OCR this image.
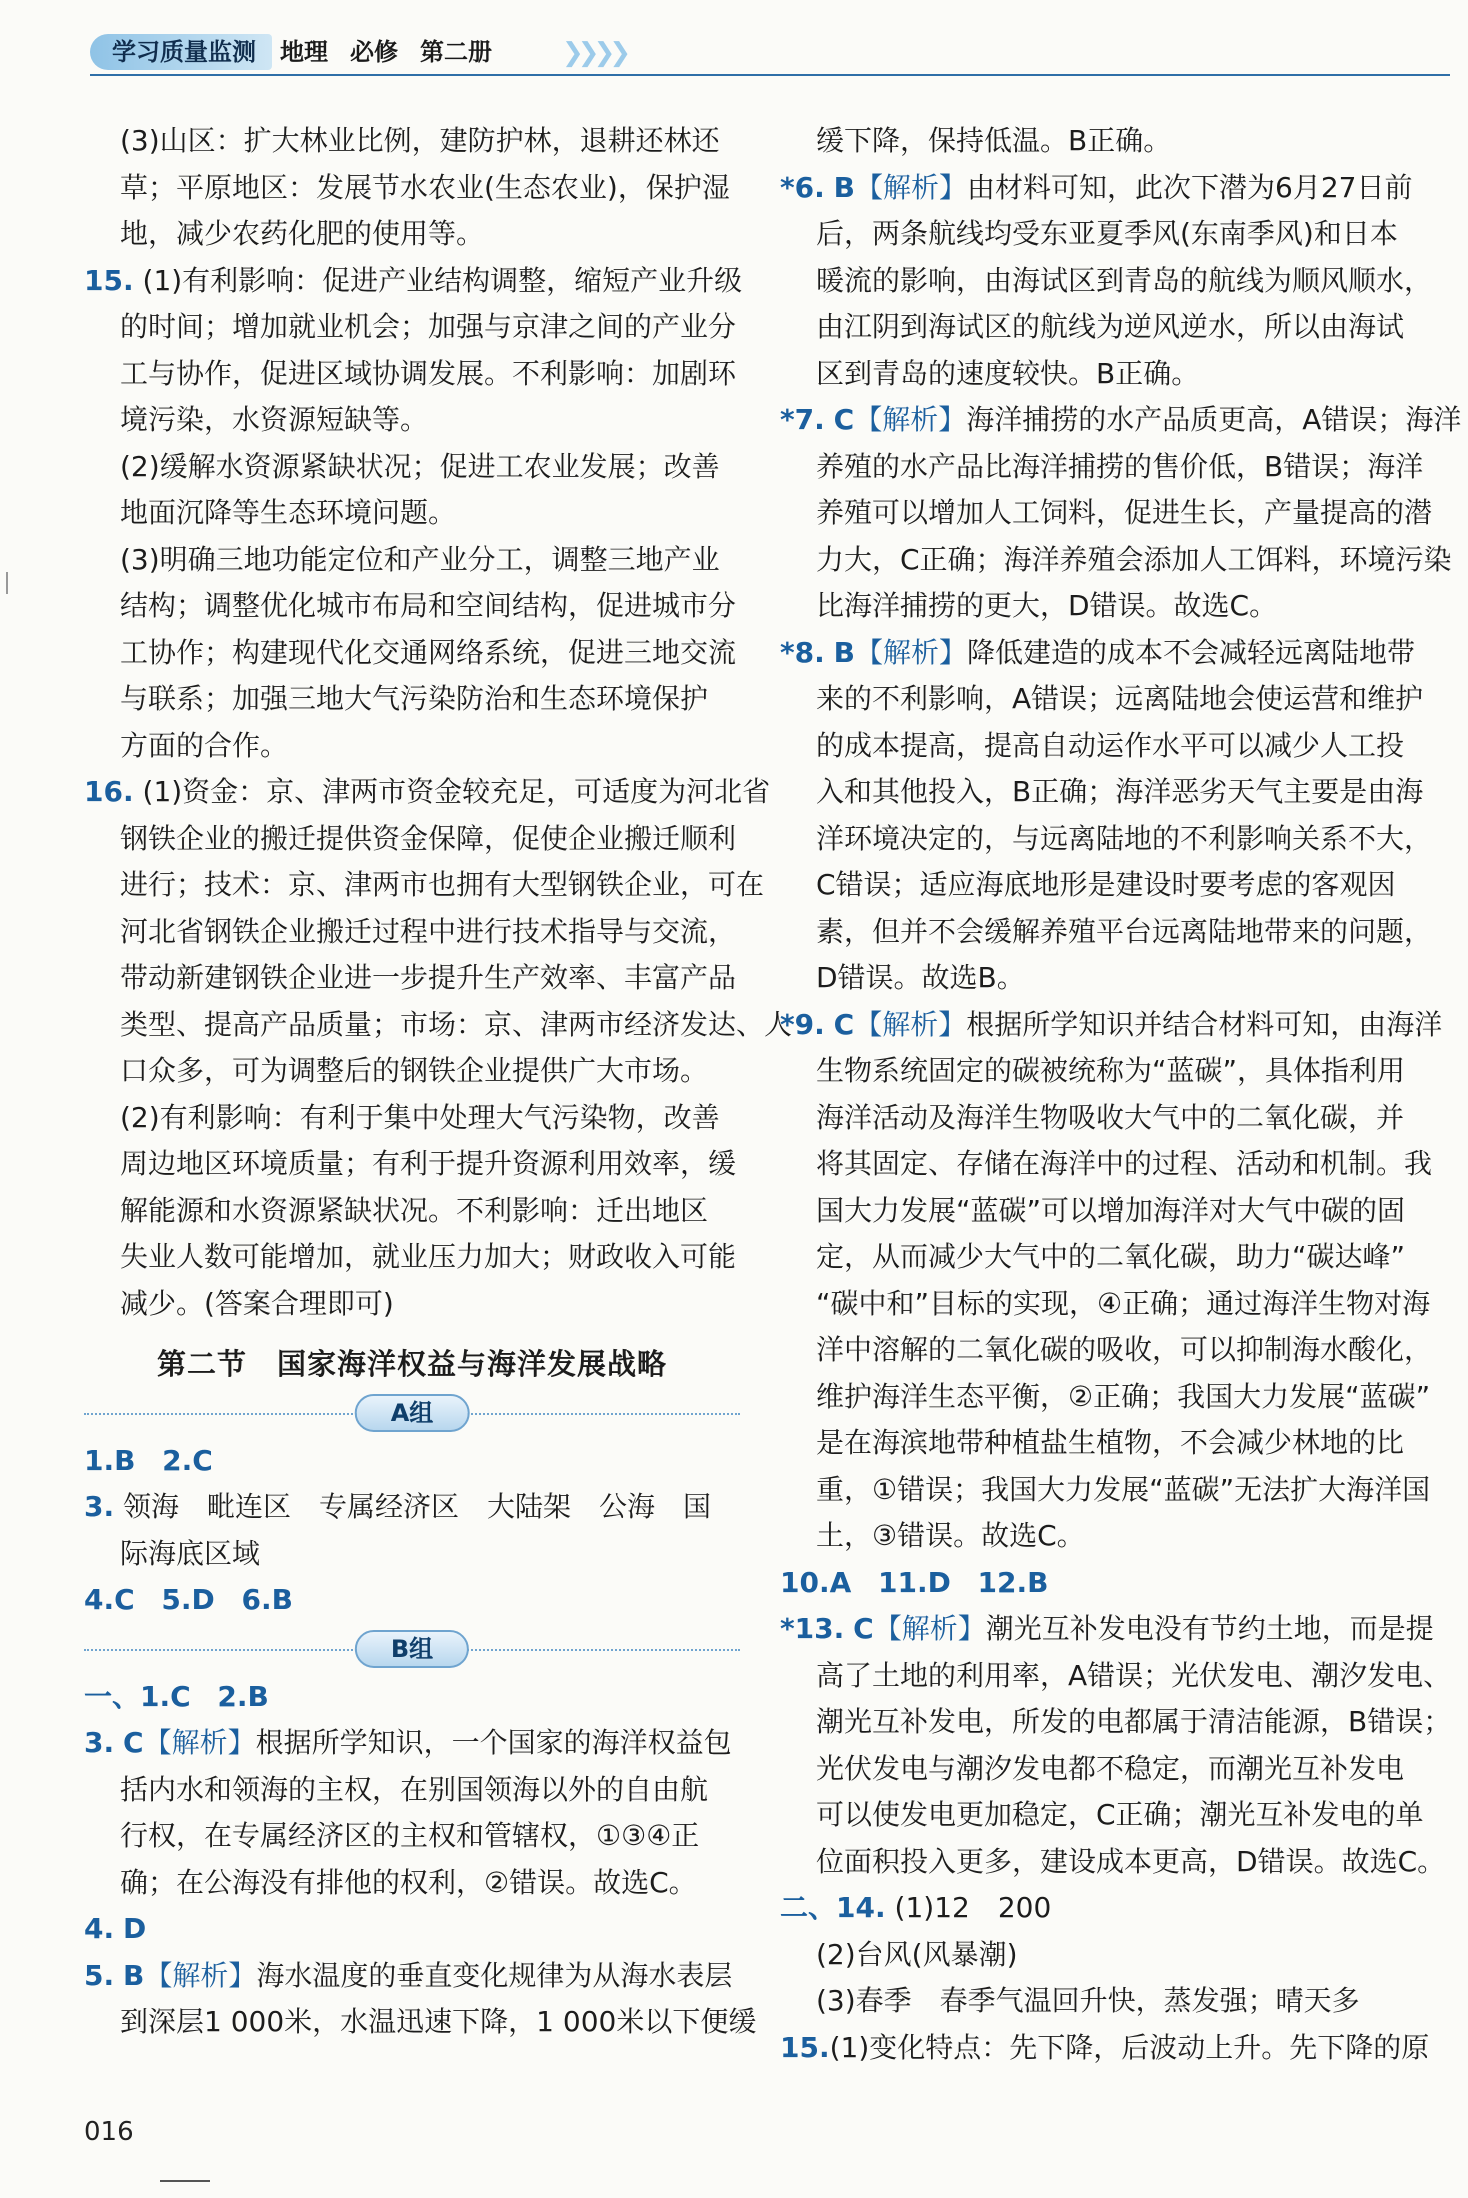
学习质量监测	地理 必修 第二册	❯❯❯❯
(3)山区：扩大林业比例，建防护林，退耕还林还
草；平原地区：发展节水农业(生态农业)，保护湿
地，减少农药化肥的使用等。
15. (1)有利影响：促进产业结构调整，缩短产业升级
的时间；增加就业机会；加强与京津之间的产业分
工与协作，促进区域协调发展。不利影响：加剧环
境污染，水资源短缺等。
(2)缓解水资源紧缺状况；促进工农业发展；改善
地面沉降等生态环境问题。
(3)明确三地功能定位和产业分工，调整三地产业
结构；调整优化城市布局和空间结构，促进城市分
工协作；构建现代化交通网络系统，促进三地交流
与联系；加强三地大气污染防治和生态环境保护
方面的合作。
16. (1)资金：京、津两市资金较充足，可适度为河北省
钢铁企业的搬迁提供资金保障，促使企业搬迁顺利
进行；技术：京、津两市也拥有大型钢铁企业，可在
河北省钢铁企业搬迁过程中进行技术指导与交流，
带动新建钢铁企业进一步提升生产效率、丰富产品
类型、提高产品质量；市场：京、津两市经济发达、人
口众多，可为调整后的钢铁企业提供广大市场。
(2)有利影响：有利于集中处理大气污染物，改善
周边地区环境质量；有利于提升资源利用效率，缓
解能源和水资源紧缺状况。不利影响：迁出地区
失业人数可能增加，就业压力加大；财政收入可能
减少。(答案合理即可)
第二节　国家海洋权益与海洋发展战略
A组
1.B 2.C
3. 领海　毗连区　专属经济区　大陆架　公海　国
际海底区域
4.C 5.D 6.B
B组
一、1.C 2.B
3. C【解析】根据所学知识，一个国家的海洋权益包
括内水和领海的主权，在别国领海以外的自由航
行权，在专属经济区的主权和管辖权，①③④正
确；在公海没有排他的权利，②错误。故选C。
4. D
5. B【解析】海水温度的垂直变化规律为从海水表层
到深层1 000米，水温迅速下降，1 000米以下便缓
缓下降，保持低温。B正确。
*6. B【解析】由材料可知，此次下潜为6月27日前
后，两条航线均受东亚夏季风(东南季风)和日本
暖流的影响，由海试区到青岛的航线为顺风顺水，
由江阴到海试区的航线为逆风逆水，所以由海试
区到青岛的速度较快。B正确。
*7. C【解析】海洋捕捞的水产品质更高，A错误；海洋
养殖的水产品比海洋捕捞的售价低，B错误；海洋
养殖可以增加人工饲料，促进生长，产量提高的潜
力大，C正确；海洋养殖会添加人工饵料，环境污染
比海洋捕捞的更大，D错误。故选C。
*8. B【解析】降低建造的成本不会减轻远离陆地带
来的不利影响，A错误；远离陆地会使运营和维护
的成本提高，提高自动运作水平可以减少人工投
入和其他投入，B正确；海洋恶劣天气主要是由海
洋环境决定的，与远离陆地的不利影响关系不大，
C错误；适应海底地形是建设时要考虑的客观因
素，但并不会缓解养殖平台远离陆地带来的问题，
D错误。故选B。
*9. C【解析】根据所学知识并结合材料可知，由海洋
生物系统固定的碳被统称为“蓝碳”，具体指利用
海洋活动及海洋生物吸收大气中的二氧化碳，并
将其固定、存储在海洋中的过程、活动和机制。我
国大力发展“蓝碳”可以增加海洋对大气中碳的固
定，从而减少大气中的二氧化碳，助力“碳达峰”
“碳中和”目标的实现，④正确；通过海洋生物对海
洋中溶解的二氧化碳的吸收，可以抑制海水酸化，
维护海洋生态平衡，②正确；我国大力发展“蓝碳”
是在海滨地带种植盐生植物，不会减少林地的比
重，①错误；我国大力发展“蓝碳”无法扩大海洋国
土，③错误。故选C。
10.A 11.D 12.B
*13. C【解析】潮光互补发电没有节约土地，而是提
高了土地的利用率，A错误；光伏发电、潮汐发电、
潮光互补发电，所发的电都属于清洁能源，B错误；
光伏发电与潮汐发电都不稳定，而潮光互补发电
可以使发电更加稳定，C正确；潮光互补发电的单
位面积投入更多，建设成本更高，D错误。故选C。
二、14. (1)12　200
(2)台风(风暴潮)
(3)春季　春季气温回升快，蒸发强；晴天多
15.(1)变化特点：先下降，后波动上升。先下降的原
016
